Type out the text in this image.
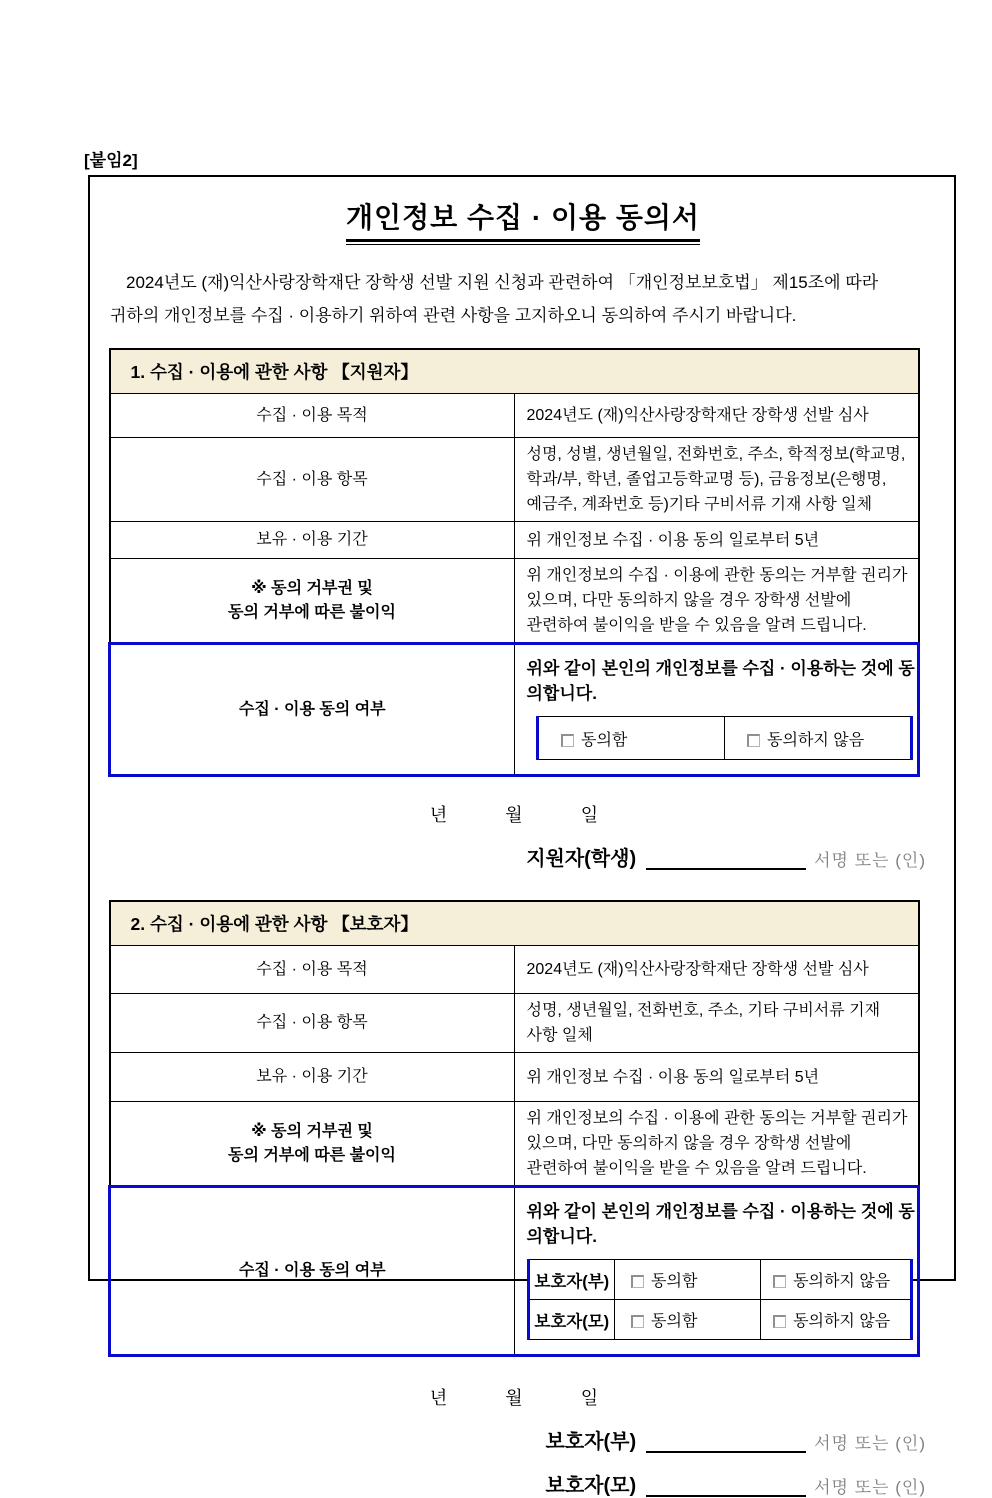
[붙임2]
개인정보 수집 · 이용 동의서
2024년도 (재)익산사랑장학재단 장학생 선발 지원 신청과 관련하여 「개인정보보호법」 제15조에 따라 귀하의 개인정보를 수집 · 이용하기 위하여 관련 사항을 고지하오니 동의하여 주시기 바랍니다.
1. 수집 · 이용에 관한 사항 【지원자】
수집 · 이용 목적	2024년도 (재)익산사랑장학재단 장학생 선발 심사
수집 · 이용 항목	성명, 성별, 생년월일, 전화번호, 주소, 학적정보(학교명, 학과/부, 학년, 졸업고등학교명 등), 금융정보(은행명, 예금주, 계좌번호 등)기타 구비서류 기재 사항 일체
보유 · 이용 기간	위 개인정보 수집 · 이용 동의 일로부터 5년
※ 동의 거부권 및
동의 거부에 따른 불이익	위 개인정보의 수집 · 이용에 관한 동의는 거부할 권리가 있으며, 다만 동의하지 않을 경우 장학생 선발에 관련하여 불이익을 받을 수 있음을 알려 드립니다.
수집 · 이용 동의 여부	
위와 같이 본인의 개인정보를 수집 · 이용하는 것에 동의합니다.
동의함	동의하지 않음
년	월	일
지원자(학생)	서명 또는 (인)
2. 수집 · 이용에 관한 사항 【보호자】
수집 · 이용 목적	2024년도 (재)익산사랑장학재단 장학생 선발 심사
수집 · 이용 항목	성명, 생년월일, 전화번호, 주소, 기타 구비서류 기재 사항 일체
보유 · 이용 기간	위 개인정보 수집 · 이용 동의 일로부터 5년
※ 동의 거부권 및
동의 거부에 따른 불이익	위 개인정보의 수집 · 이용에 관한 동의는 거부할 권리가 있으며, 다만 동의하지 않을 경우 장학생 선발에 관련하여 불이익을 받을 수 있음을 알려 드립니다.
수집 · 이용 동의 여부	
위와 같이 본인의 개인정보를 수집 · 이용하는 것에 동의합니다.
보호자(부)	동의함	동의하지 않음
보호자(모)	동의함	동의하지 않음
년	월	일
보호자(부)	서명 또는 (인)
보호자(모)	서명 또는 (인)
